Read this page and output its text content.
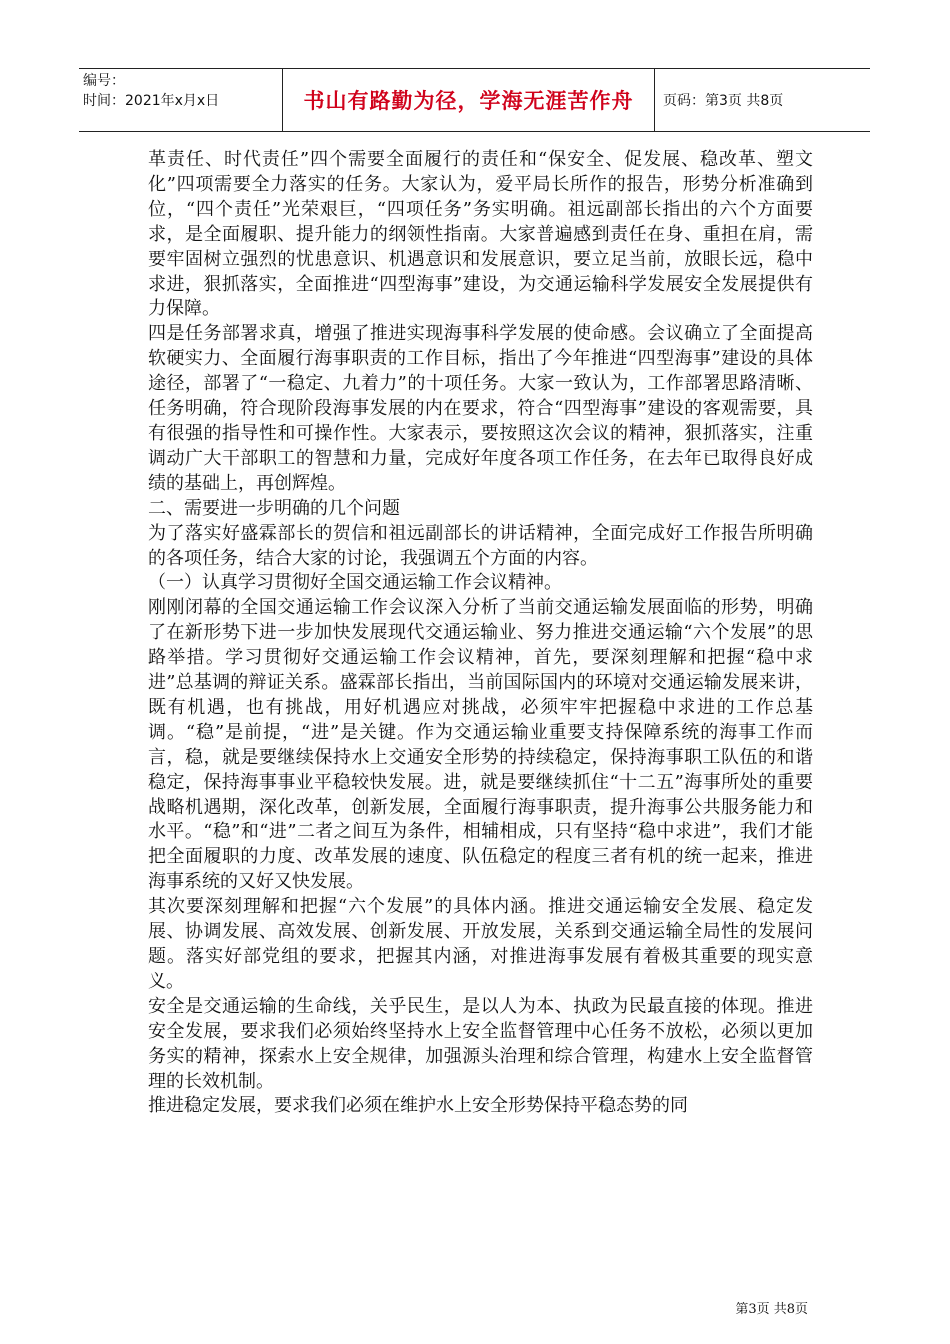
编号：
时间：2021年x月x日	书山有路勤为径，学海无涯苦作舟	页码：第3页 共8页

革责任、时代责任”四个需要全面履行的责任和“保安全、促发展、稳改革、塑文化”四项需要全力落实的任务。大家认为，爱平局长所作的报告，形势分析准确到位，“四个责任”光荣艰巨，“四项任务”务实明确。祖远副部长指出的六个方面要求，是全面履职、提升能力的纲领性指南。大家普遍感到责任在身、重担在肩，需要牢固树立强烈的忧患意识、机遇意识和发展意识，要立足当前，放眼长远，稳中求进，狠抓落实，全面推进“四型海事”建设，为交通运输科学发展安全发展提供有力保障。

四是任务部署求真，增强了推进实现海事科学发展的使命感。会议确立了全面提高软硬实力、全面履行海事职责的工作目标，指出了今年推进“四型海事”建设的具体途径，部署了“一稳定、九着力”的十项任务。大家一致认为，工作部署思路清晰、任务明确，符合现阶段海事发展的内在要求，符合“四型海事”建设的客观需要，具有很强的指导性和可操作性。大家表示，要按照这次会议的精神，狠抓落实，注重调动广大干部职工的智慧和力量，完成好年度各项工作任务，在去年已取得良好成绩的基础上，再创辉煌。

二、需要进一步明确的几个问题

为了落实好盛霖部长的贺信和祖远副部长的讲话精神，全面完成好工作报告所明确的各项任务，结合大家的讨论，我强调五个方面的内容。

（一）认真学习贯彻好全国交通运输工作会议精神。

刚刚闭幕的全国交通运输工作会议深入分析了当前交通运输发展面临的形势，明确了在新形势下进一步加快发展现代交通运输业、努力推进交通运输“六个发展”的思路举措。学习贯彻好交通运输工作会议精神，首先，要深刻理解和把握“稳中求进”总基调的辩证关系。盛霖部长指出，当前国际国内的环境对交通运输发展来讲，既有机遇，也有挑战，用好机遇应对挑战，必须牢牢把握稳中求进的工作总基调。“稳”是前提，“进”是关键。作为交通运输业重要支持保障系统的海事工作而言，稳，就是要继续保持水上交通安全形势的持续稳定，保持海事职工队伍的和谐稳定，保持海事事业平稳较快发展。进，就是要继续抓住“十二五”海事所处的重要战略机遇期，深化改革，创新发展，全面履行海事职责，提升海事公共服务能力和水平。“稳”和“进”二者之间互为条件，相辅相成，只有坚持“稳中求进”，我们才能把全面履职的力度、改革发展的速度、队伍稳定的程度三者有机的统一起来，推进海事系统的又好又快发展。

其次要深刻理解和把握“六个发展”的具体内涵。推进交通运输安全发展、稳定发展、协调发展、高效发展、创新发展、开放发展，关系到交通运输全局性的发展问题。落实好部党组的要求，把握其内涵，对推进海事发展有着极其重要的现实意义。

安全是交通运输的生命线，关乎民生，是以人为本、执政为民最直接的体现。推进安全发展，要求我们必须始终坚持水上安全监督管理中心任务不放松，必须以更加务实的精神，探索水上安全规律，加强源头治理和综合管理，构建水上安全监督管理的长效机制。

推进稳定发展，要求我们必须在维护水上安全形势保持平稳态势的同

第3页 共8页
